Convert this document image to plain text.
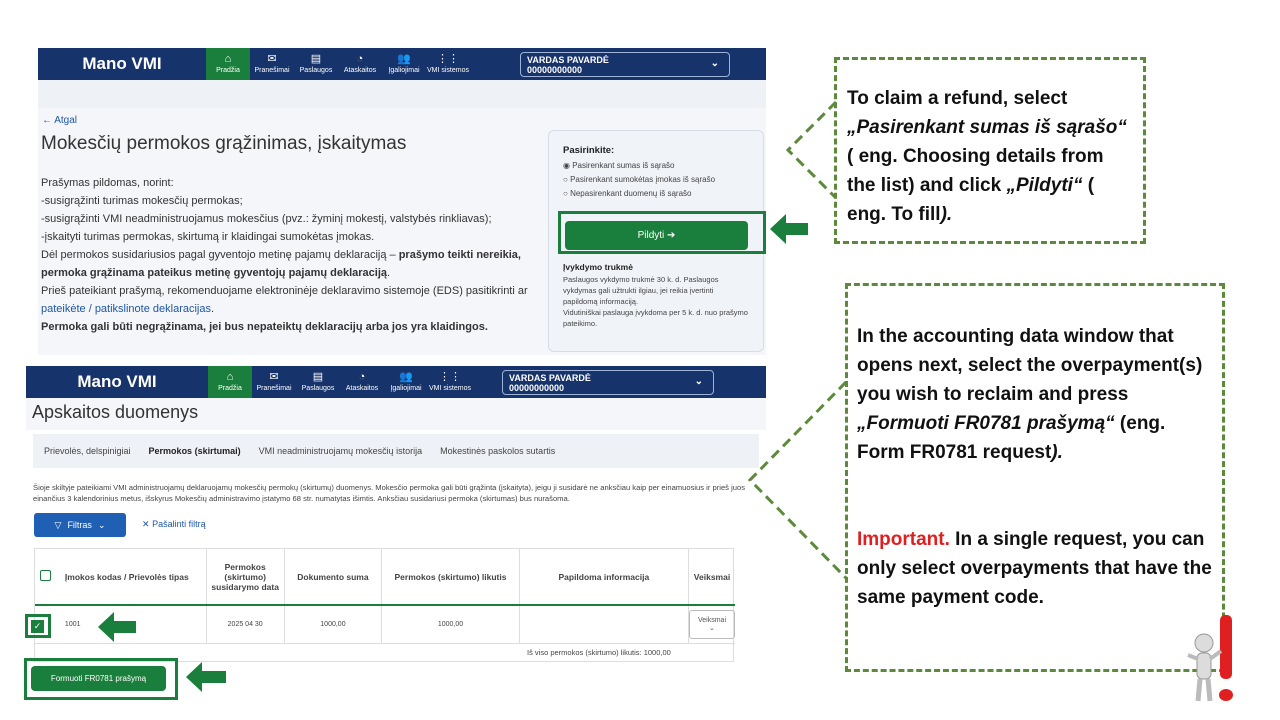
Mano VMI	⌂
Pradžia
✉
Pranešimai
▤
Paslaugos
◔
Ataskaitos
👥
Įgaliojimai
⋮⋮
VMI sistemos
VARDAS PAVARDĖ
00000000000
⌄
← Atgal
Mokesčių permokos grąžinimas, įskaitymas
Prašymas pildomas, norint:
-susigrąžinti turimas mokesčių permokas;
-susigrąžinti VMI neadministruojamus mokesčius (pvz.: žyminį mokestį, valstybės rinkliavas);
-įskaityti turimas permokas, skirtumą ir klaidingai sumokėtas įmokas.
Dėl permokos susidariusios pagal gyventojo metinę pajamų deklaraciją – prašymo teikti nereikia, permoka grąžinama pateikus metinę gyventojų pajamų deklaraciją.
Prieš pateikiant prašymą, rekomenduojame elektroninėje deklaravimo sistemoje (EDS) pasitikrinti ar pateikėte / patikslinote deklaracijas.
Permoka gali būti negrąžinama, jei bus nepateiktų deklaracijų arba jos yra klaidingos.
Pasirinkite:
◉ Pasirenkant sumas iš sąrašo
○ Pasirenkant sumokėtas įmokas iš sąrašo
○ Nepasirenkant duomenų iš sąrašo
Įvykdymo trukmė
Paslaugos vykdymo trukmė 30 k. d. Paslaugos vykdymas gali užtrukti ilgiau, jei reikia įvertinti papildomą informaciją.
Vidutiniškai paslauga įvykdoma per 5 k. d. nuo prašymo pateikimo.
Pildyti ➔
To claim a refund, select „Pasirenkant sumas iš sąrašo“ ( eng. Choosing details from the list) and click „Pildyti“ ( eng. To fill).
Mano VMI	⌂
Pradžia
✉
Pranešimai
▤
Paslaugos
◔
Ataskaitos
👥
Įgaliojimai
⋮⋮
VMI sistemos
VARDAS PAVARDĖ
00000000000
⌄
Apskaitos duomenys
Prievolės, delspinigiai Permokos (skirtumai) VMI neadministruojamų mokesčių istorija Mokestinės paskolos sutartis
Šioje skiltyje pateikiami VMI administruojamų deklaruojamų mokesčių permokų (skirtumų) duomenys. Mokesčio permoka gali būti grąžinta (įskaityta), jeigu ji susidarė ne anksčiau kaip per einamuosius ir prieš juos einančius 3 kalendorinius metus, išskyrus Mokesčių administravimo įstatymo 68 str. numatytas išimtis. Anksčiau susidariusi permoka (skirtumas) bus nurašoma.
▽ Filtras ⌄	✕ Pašalinti filtrą
	Įmokos kodas / Prievolės tipas	Permokos (skirtumo) susidarymo data	Dokumento suma	Permokos (skirtumo) likutis	Papildoma informacija	Veiksmai
	1001	2025 04 30	1000,00	1000,00		Veiksmai ⌄
Iš viso permokos (skirtumo) likutis: 1000,00						
✓
Formuoti FR0781 prašymą
In the accounting data window that opens next, select the overpayment(s) you wish to reclaim and press „Formuoti FR0781 prašymą“ (eng. Form FR0781 request).
Important. In a single request, you can only select overpayments that have the same payment code.
